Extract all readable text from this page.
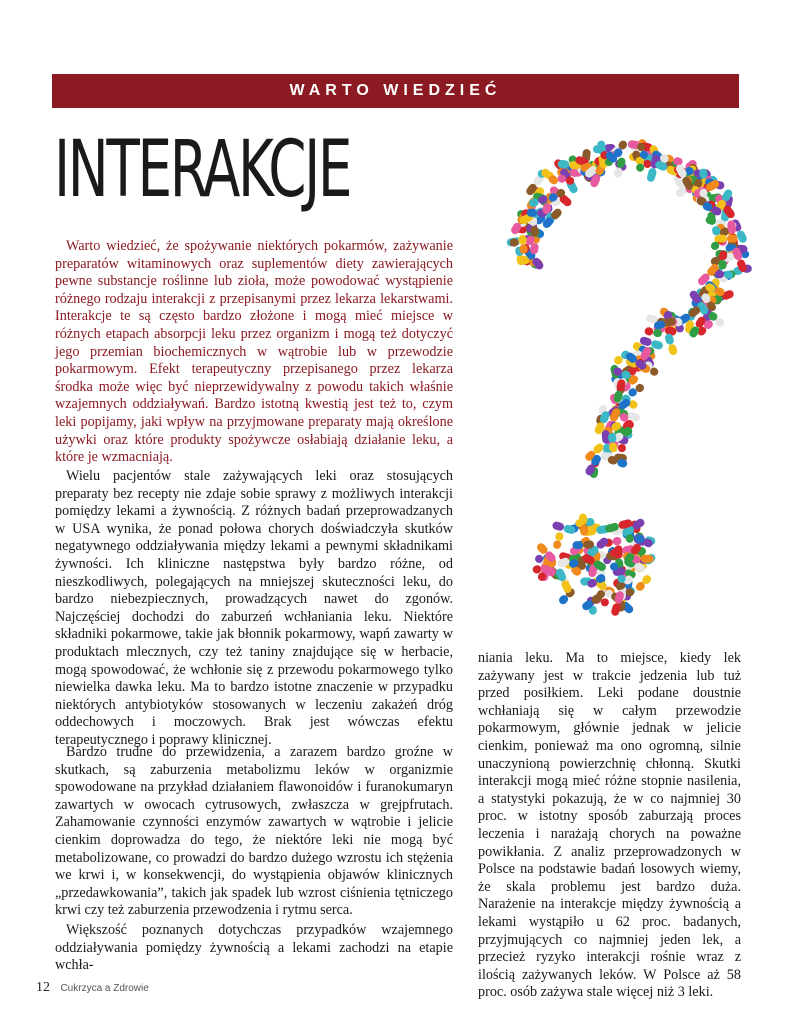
WARTO WIEDZIEĆ
INTERAKCJE

Warto wiedzieć, że spożywanie niektórych pokarmów, zażywanie preparatów witaminowych oraz suplementów diety zawierających pewne substancje roślinne lub zioła, może powodować wystąpienie różnego rodzaju interakcji z przepisanymi przez lekarza lekarstwami. Interakcje te są często bardzo złożone i mogą mieć miejsce w różnych etapach absorpcji leku przez organizm i mogą też dotyczyć jego przemian biochemicznych w wątrobie lub w przewodzie pokarmowym. Efekt terapeutyczny przepisanego przez lekarza środka może więc być nieprzewidywalny z powodu takich właśnie wzajemnych oddziaływań. Bardzo istotną kwestią jest też to, czym leki popijamy, jaki wpływ na przyjmowane preparaty mają określone używki oraz które produkty spożywcze osłabiają działanie leku, a które je wzmacniają.

Wielu pacjentów stale zażywających leki oraz stosujących preparaty bez recepty nie zdaje sobie sprawy z możliwych interakcji pomiędzy lekami a żywnością. Z różnych badań przeprowadzanych w USA wynika, że ponad połowa chorych doświadczyła skutków negatywnego oddziaływania między lekami a pewnymi składnikami żywności. Ich kliniczne następstwa były bardzo różne, od nieszkodliwych, polegających na mniejszej skuteczności leku, do bardzo niebezpiecznych, prowadzących nawet do zgonów. Najczęściej dochodzi do zaburzeń wchłaniania leku. Niektóre składniki pokarmowe, takie jak błonnik pokarmowy, wapń zawarty w produktach mlecznych, czy też taniny znajdujące się w herbacie, mogą spowodować, że wchłonie się z przewodu pokarmowego tylko niewielka dawka leku. Ma to bardzo istotne znaczenie w przypadku niektórych antybiotyków stosowanych w leczeniu zakażeń dróg oddechowych i moczowych. Brak jest wówczas efektu terapeutycznego i poprawy klinicznej.

Bardzo trudne do przewidzenia, a zarazem bardzo groźne w skutkach, są zaburzenia metabolizmu leków w organizmie spowodowane na przykład działaniem flawonoidów i furanokumaryn zawartych w owocach cytrusowych, zwłaszcza w grejpfrutach. Zahamowanie czynności enzymów zawartych w wątrobie i jelicie cienkim doprowadza do tego, że niektóre leki nie mogą być metabolizowane, co prowadzi do bardzo dużego wzrostu ich stężenia we krwi i, w konsekwencji, do wystąpienia objawów klinicznych „przedawkowania”, takich jak spadek lub wzrost ciśnienia tętniczego krwi czy też zaburzenia przewodzenia i rytmu serca.

Większość poznanych dotychczas przypadków wzajemnego oddziaływania pomiędzy żywnością a lekami zachodzi na etapie wchła-

niania leku. Ma to miejsce, kiedy lek zażywany jest w trakcie jedzenia lub tuż przed posiłkiem. Leki podane doustnie wchłaniają się w całym przewodzie pokarmowym, głównie jednak w jelicie cienkim, ponieważ ma ono ogromną, silnie unaczynioną powierzchnię chłonną. Skutki interakcji mogą mieć różne stopnie nasilenia, a statystyki pokazują, że w co najmniej 30 proc. w istotny sposób zaburzają proces leczenia i narażają chorych na poważne powikłania. Z analiz przeprowadzonych w Polsce na podstawie badań losowych wiemy, że skala problemu jest bardzo duża. Narażenie na interakcje między żywnością a lekami wystąpiło u 62 proc. badanych, przyjmujących co najmniej jeden lek, a przecież ryzyko interakcji rośnie wraz z ilością zażywanych leków. W Polsce aż 58 proc. osób zażywa stale więcej niż 3 leki.

12 Cukrzyca a Zdrowie
